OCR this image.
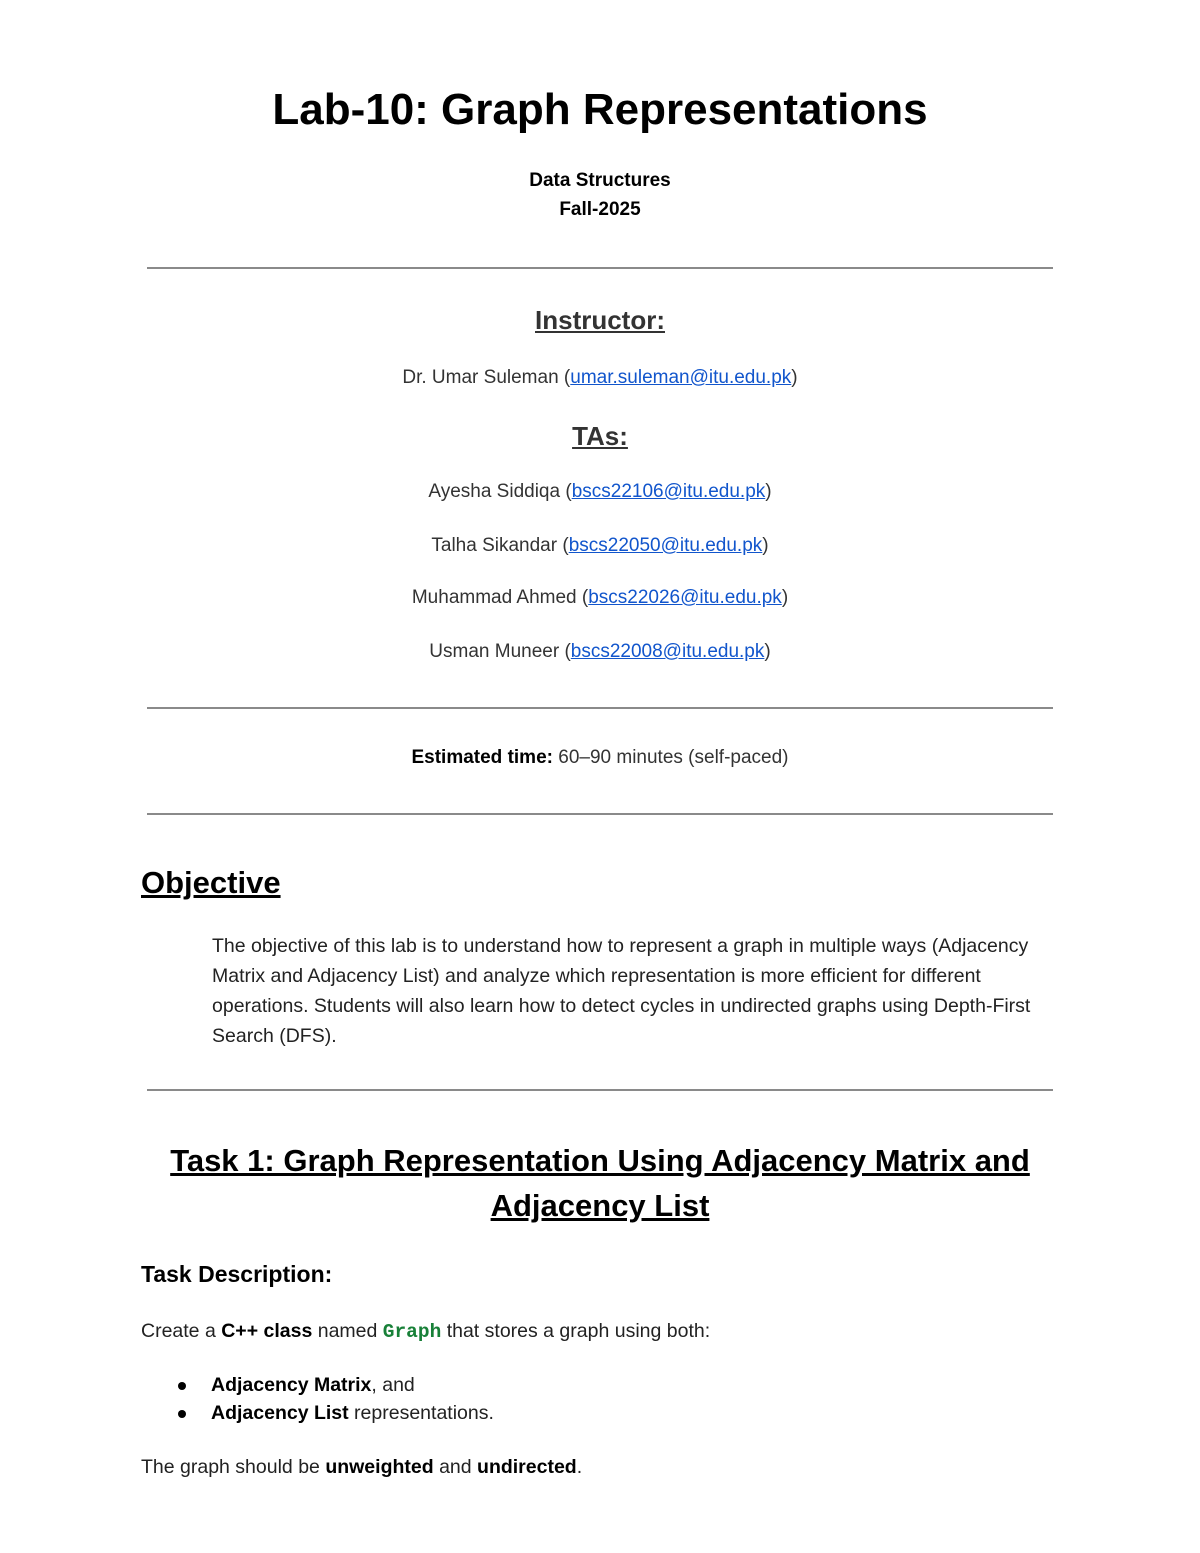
Lab-10: Graph Representations
Data Structures
Fall-2025
Instructor:
Dr. Umar Suleman (umar.suleman@itu.edu.pk)
TAs:
Ayesha Siddiqa (bscs22106@itu.edu.pk)
Talha Sikandar (bscs22050@itu.edu.pk)
Muhammad Ahmed (bscs22026@itu.edu.pk)
Usman Muneer (bscs22008@itu.edu.pk)
Estimated time: 60–90 minutes (self-paced)
Objective
The objective of this lab is to understand how to represent a graph in multiple ways (Adjacency Matrix and Adjacency List) and analyze which representation is more efficient for different operations. Students will also learn how to detect cycles in undirected graphs using Depth-First Search (DFS).
Task 1: Graph Representation Using Adjacency Matrix and Adjacency List
Task Description:
Create a C++ class named Graph that stores a graph using both:
Adjacency Matrix, and
Adjacency List representations.
The graph should be unweighted and undirected.
